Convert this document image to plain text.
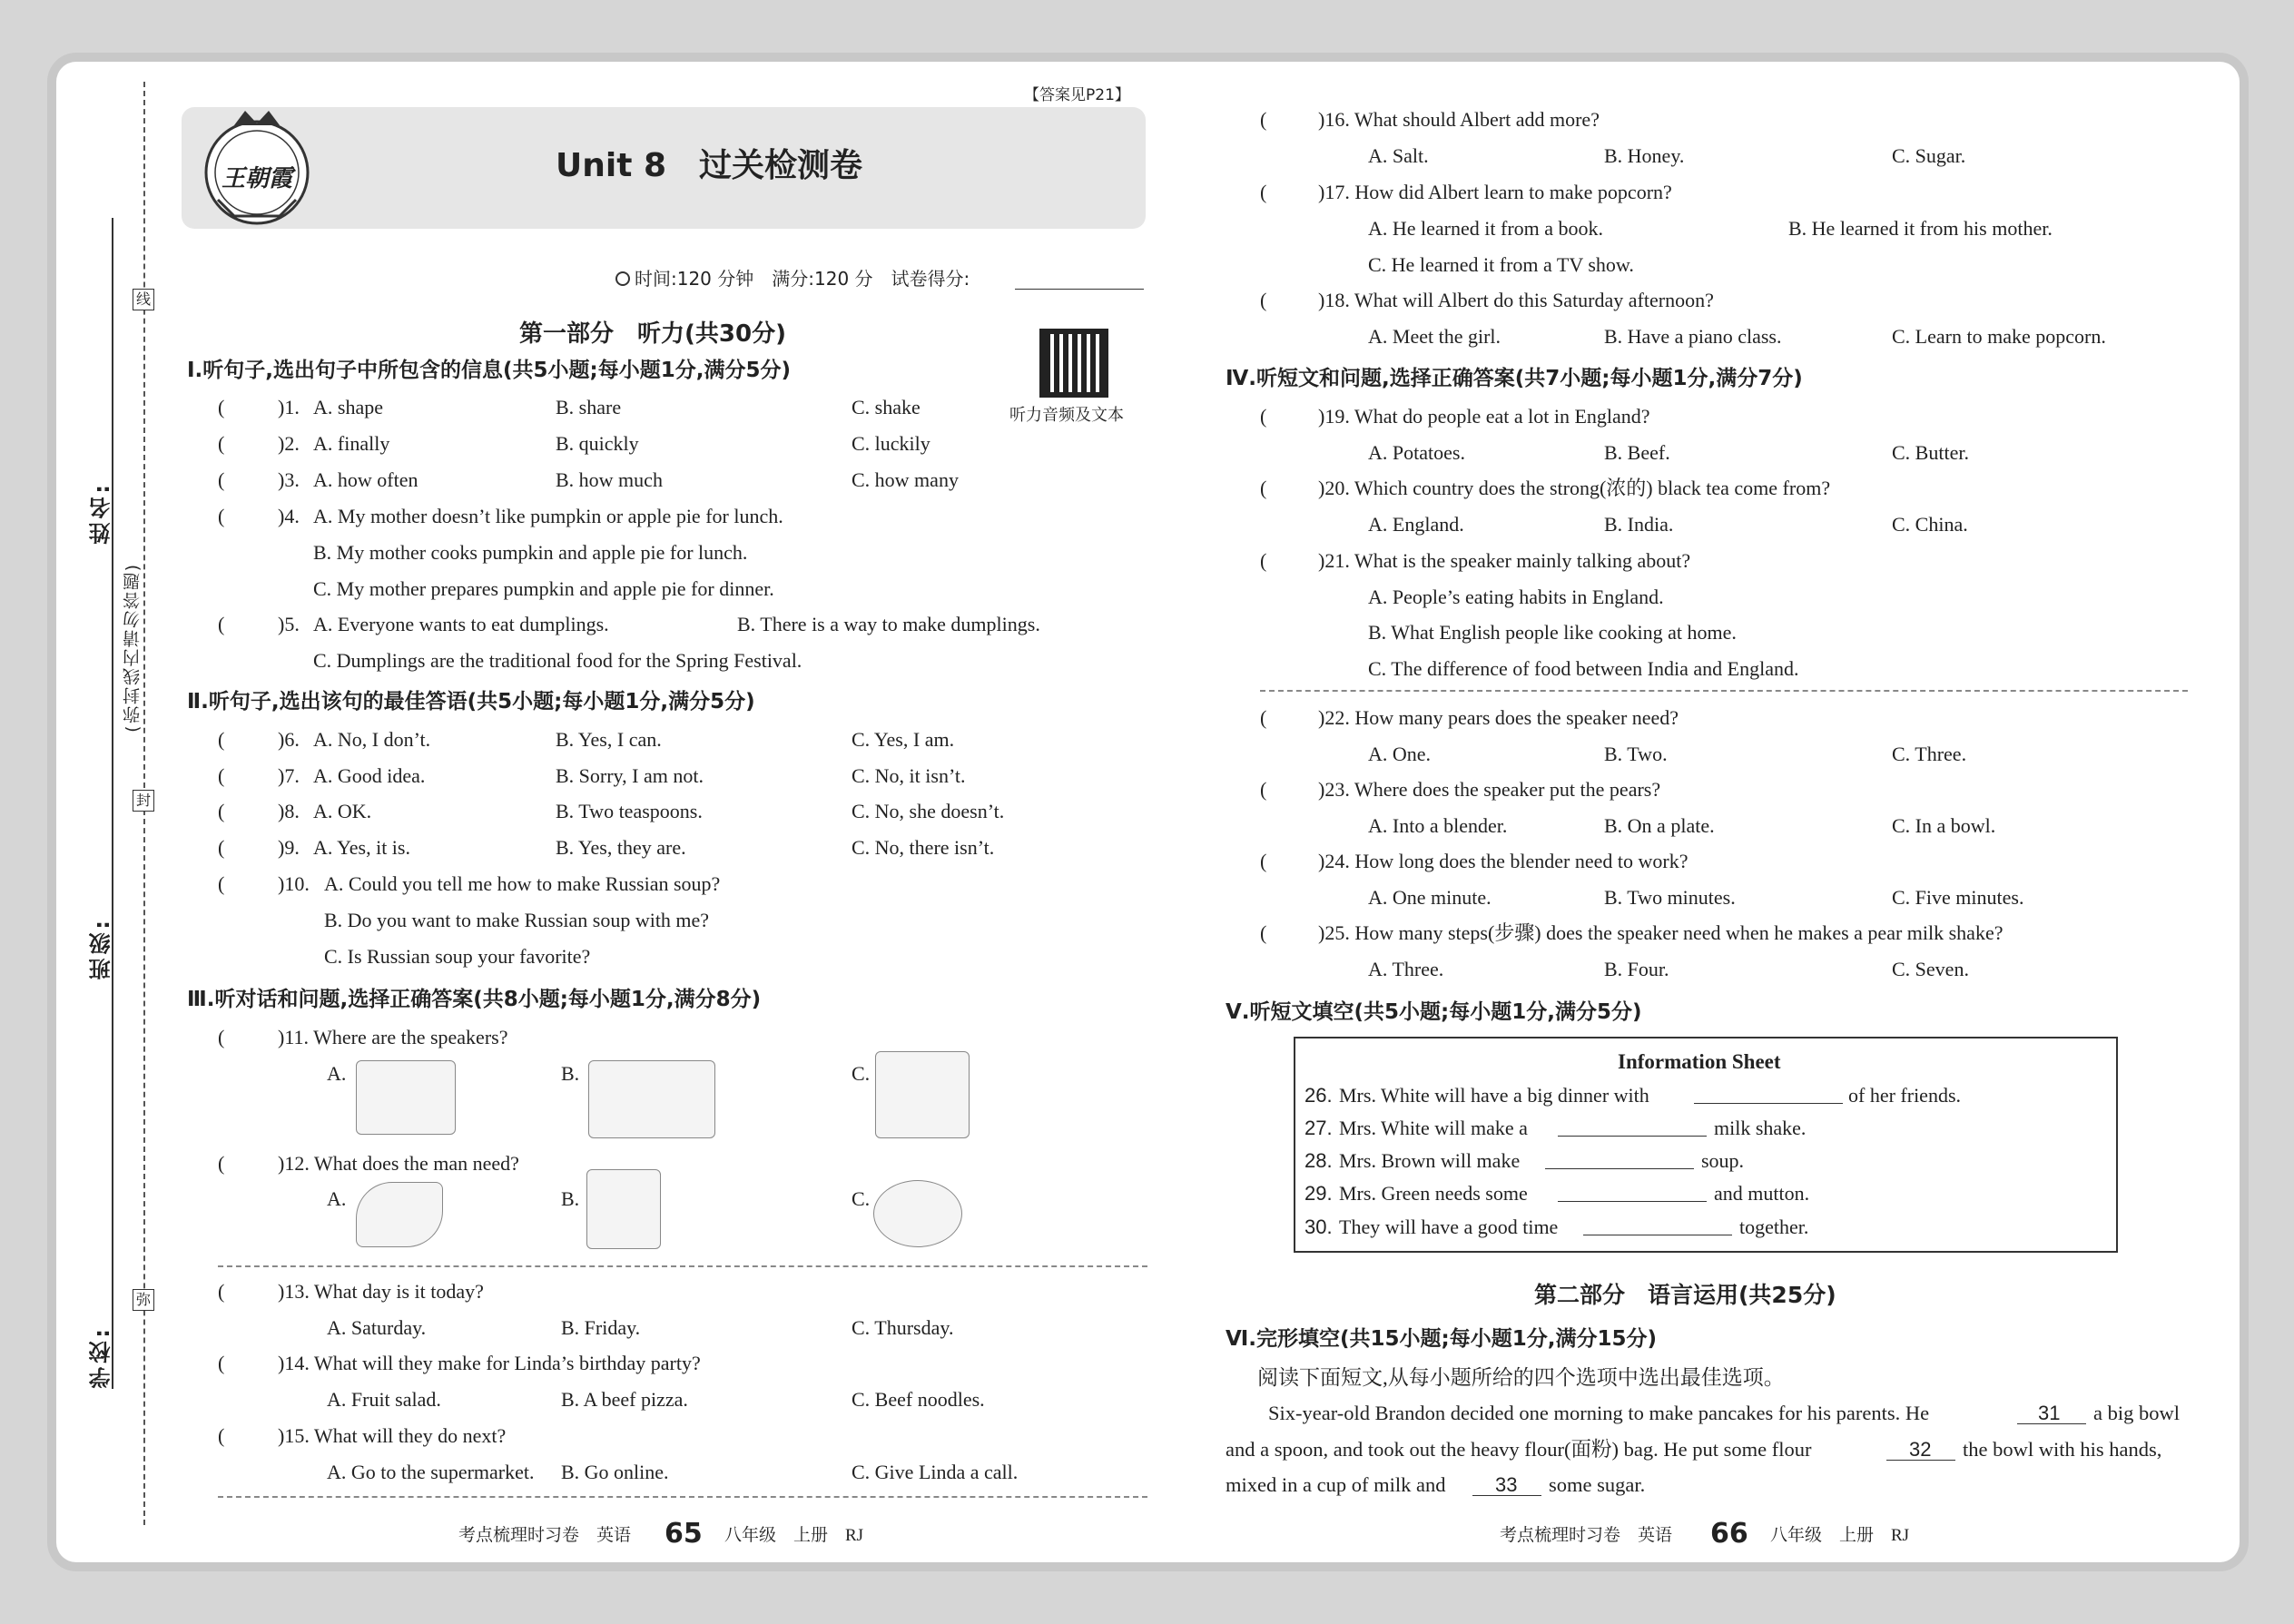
学校:
班级:
姓名:
(弥封线内请勿答题)
线
封
弥
【答案见P21】
王朝霞	Unit 8　过关检测卷
时间:120 分钟　满分:120 分　试卷得分:
听力音频及文本
第一部分　听力(共30分)
Ⅰ.听句子,选出句子中所包含的信息(共5小题;每小题1分,满分5分)
(	)1. A. shape	B. share	C. shake
(	)2. A. finally	B. quickly	C. luckily
(	)3. A. how often	B. how much	C. how many
(	)4. A. My mother doesn’t like pumpkin or apple pie for lunch.
B. My mother cooks pumpkin and apple pie for lunch.
C. My mother prepares pumpkin and apple pie for dinner.
(	)5. A. Everyone wants to eat dumplings.	B. There is a way to make dumplings.
C. Dumplings are the traditional food for the Spring Festival.
Ⅱ.听句子,选出该句的最佳答语(共5小题;每小题1分,满分5分)
(	)6. A. No, I don’t.	B. Yes, I can.	C. Yes, I am.
(	)7. A. Good idea.	B. Sorry, I am not.	C. No, it isn’t.
(	)8. A. OK.	B. Two teaspoons.	C. No, she doesn’t.
(	)9. A. Yes, it is.	B. Yes, they are.	C. No, there isn’t.
(	)10. A. Could you tell me how to make Russian soup?
B. Do you want to make Russian soup with me?
C. Is Russian soup your favorite?
Ⅲ.听对话和问题,选择正确答案(共8小题;每小题1分,满分8分)
(	)11. Where are the speakers?
A.	B.	C.
(	)12. What does the man need?
A.	B.	C.
(	)13. What day is it today?
A. Saturday.	B. Friday.	C. Thursday.
(	)14. What will they make for Linda’s birthday party?
A. Fruit salad.	B. A beef pizza.	C. Beef noodles.
(	)15. What will they do next?
A. Go to the supermarket. B. Go online.	C. Give Linda a call.
(	)16. What should Albert add more?
A. Salt.	B. Honey.	C. Sugar.
(	)17. How did Albert learn to make popcorn?
A. He learned it from a book.	B. He learned it from his mother.
C. He learned it from a TV show.
(	)18. What will Albert do this Saturday afternoon?
A. Meet the girl.	B. Have a piano class.	C. Learn to make popcorn.
Ⅳ.听短文和问题,选择正确答案(共7小题;每小题1分,满分7分)
(	)19. What do people eat a lot in England?
A. Potatoes.	B. Beef.	C. Butter.
(	)20. Which country does the strong(浓的) black tea come from?
A. England.	B. India.	C. China.
(	)21. What is the speaker mainly talking about?
A. People’s eating habits in England.
B. What English people like cooking at home.
C. The difference of food between India and England.
(	)22. How many pears does the speaker need?
A. One.	B. Two.	C. Three.
(	)23. Where does the speaker put the pears?
A. Into a blender.	B. On a plate.	C. In a bowl.
(	)24. How long does the blender need to work?
A. One minute.	B. Two minutes.	C. Five minutes.
(	)25. How many steps(步骤) does the speaker need when he makes a pear milk shake?
A. Three.	B. Four.	C. Seven.
Ⅴ.听短文填空(共5小题;每小题1分,满分5分)
Information Sheet
26. Mrs. White will have a big dinner with	of her friends.
27. Mrs. White will make a	milk shake.
28. Mrs. Brown will make	soup.
29. Mrs. Green needs some	and mutton.
30. They will have a good time	together.
第二部分　语言运用(共25分)
Ⅵ.完形填空(共15小题;每小题1分,满分15分)
阅读下面短文,从每小题所给的四个选项中选出最佳选项。
Six-year-old Brandon decided one morning to make pancakes for his parents. He	31 a big bowl
and a spoon, and took out the heavy flour(面粉) bag. He put some flour	32 the bowl with his hands,
mixed in a cup of milk and 33 some sugar.
考点梳理时习卷　英语 65 八年级　上册　RJ	考点梳理时习卷　英语 66 八年级　上册　RJ
